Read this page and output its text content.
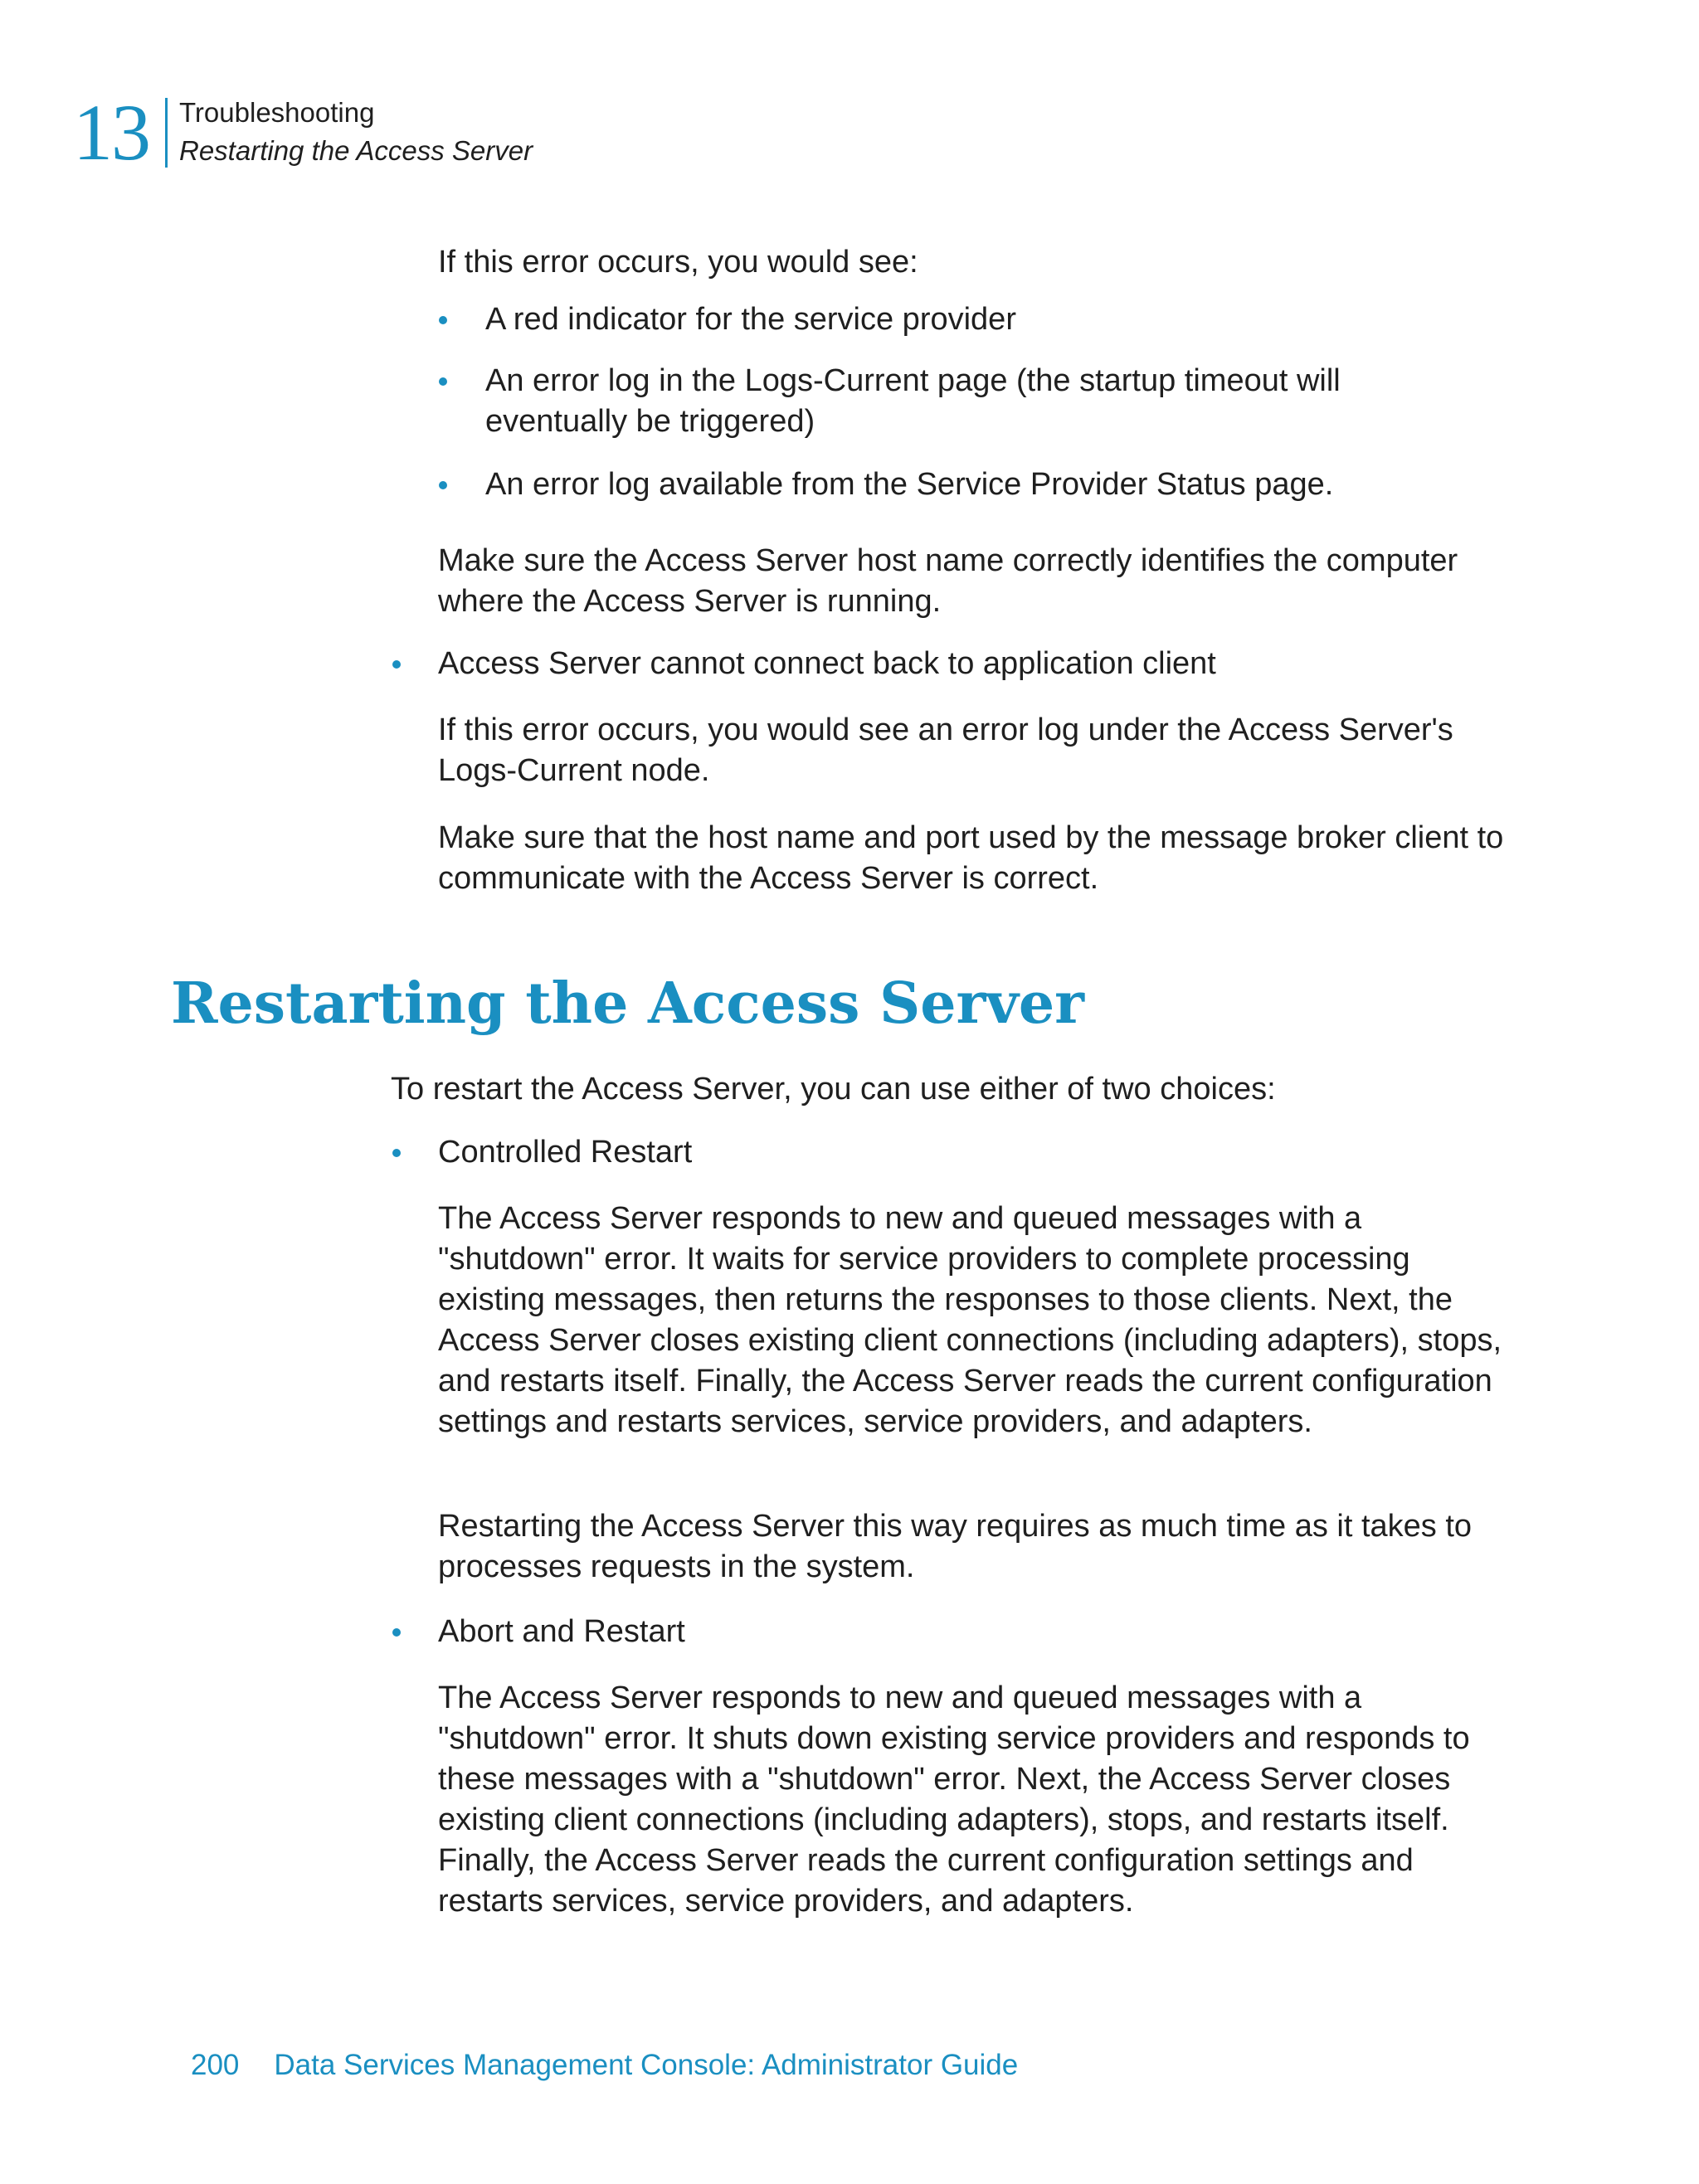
13 Troubleshooting
Restarting the Access Server
If this error occurs, you would see:
A red indicator for the service provider
An error log in the Logs-Current page (the startup timeout will eventually be triggered)
An error log available from the Service Provider Status page.
Make sure the Access Server host name correctly identifies the computer where the Access Server is running.
Access Server cannot connect back to application client
If this error occurs, you would see an error log under the Access Server's Logs-Current node.
Make sure that the host name and port used by the message broker client to communicate with the Access Server is correct.
Restarting the Access Server
To restart the Access Server, you can use either of two choices:
Controlled Restart
The Access Server responds to new and queued messages with a "shutdown" error. It waits for service providers to complete processing existing messages, then returns the responses to those clients. Next, the Access Server closes existing client connections (including adapters), stops, and restarts itself. Finally, the Access Server reads the current configuration settings and restarts services, service providers, and adapters.
Restarting the Access Server this way requires as much time as it takes to processes requests in the system.
Abort and Restart
The Access Server responds to new and queued messages with a "shutdown" error. It shuts down existing service providers and responds to these messages with a "shutdown" error. Next, the Access Server closes existing client connections (including adapters), stops, and restarts itself. Finally, the Access Server reads the current configuration settings and restarts services, service providers, and adapters.
200 Data Services Management Console: Administrator Guide
